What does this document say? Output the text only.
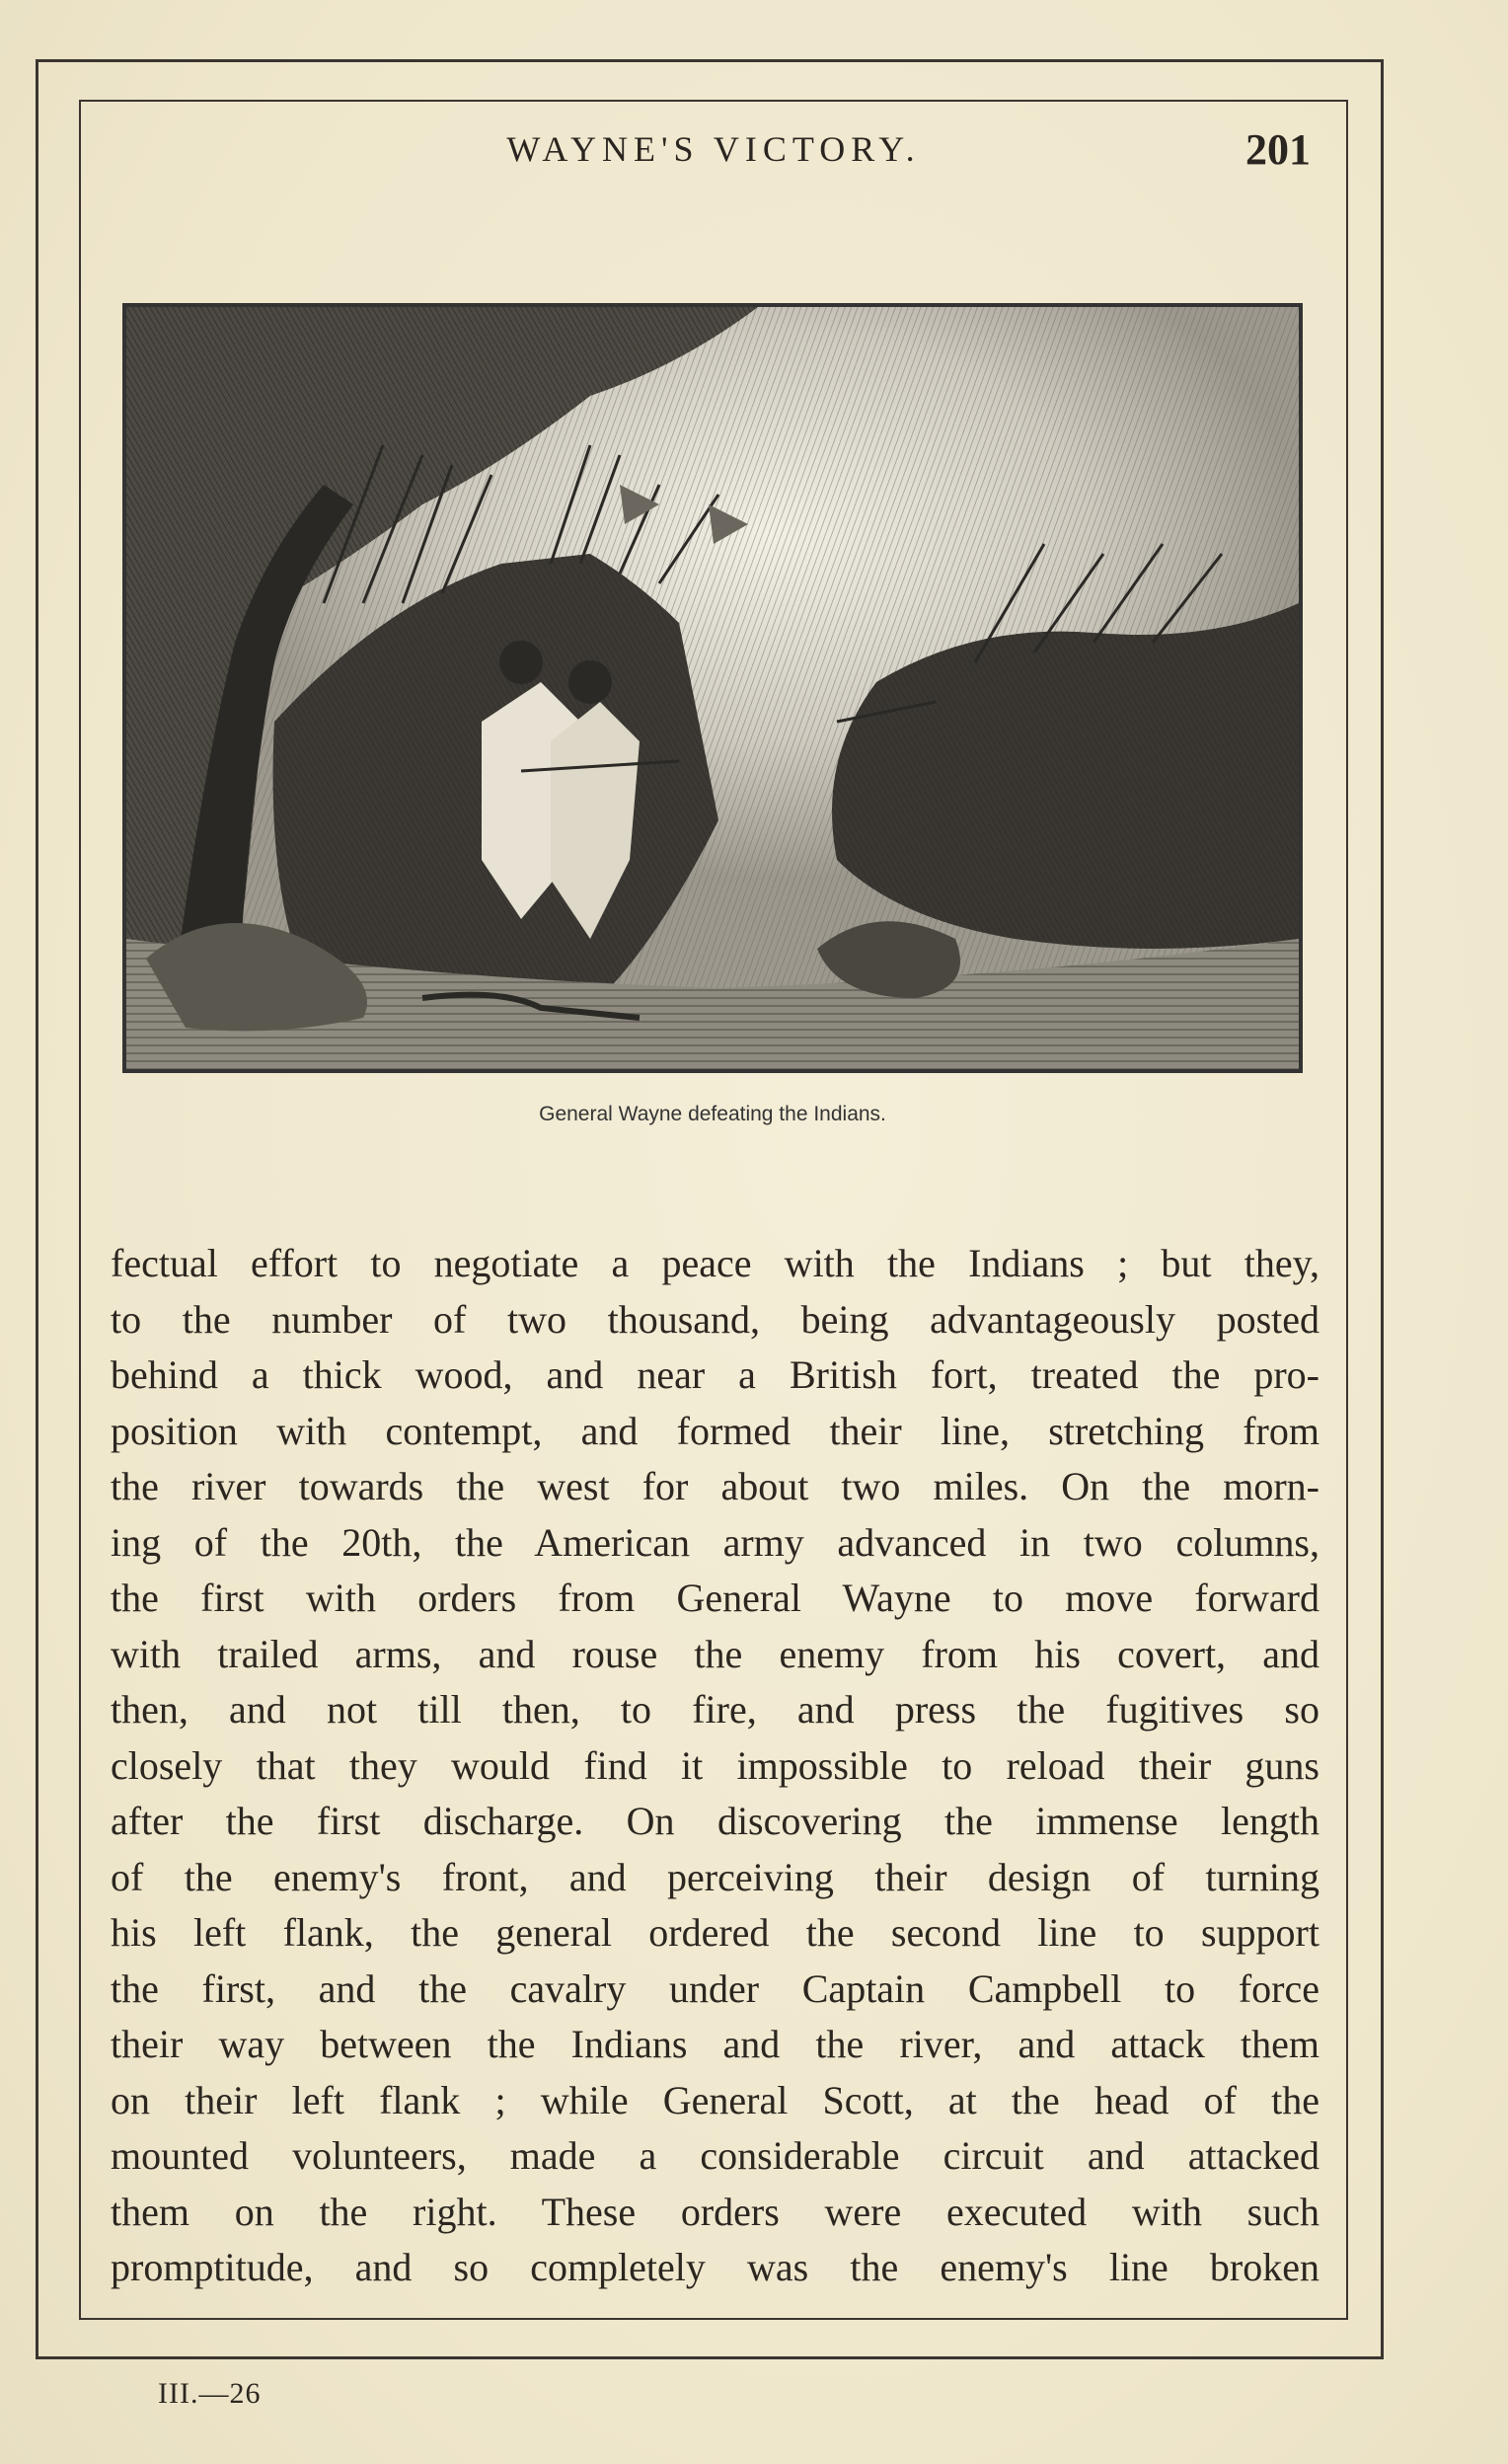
WAYNE'S VICTORY.	201
General Wayne defeating the Indians.
fectual effort to negotiate a peace with the Indians ; but they,
to the number of two thousand, being advantageously posted
behind a thick wood, and near a British fort, treated the pro-
position with contempt, and formed their line, stretching from
the river towards the west for about two miles. On the morn-
ing of the 20th, the American army advanced in two columns,
the first with orders from General Wayne to move forward
with trailed arms, and rouse the enemy from his covert, and
then, and not till then, to fire, and press the fugitives so
closely that they would find it impossible to reload their guns
after the first discharge. On discovering the immense length
of the enemy's front, and perceiving their design of turning
his left flank, the general ordered the second line to support
the first, and the cavalry under Captain Campbell to force
their way between the Indians and the river, and attack them
on their left flank ; while General Scott, at the head of the
mounted volunteers, made a considerable circuit and attacked
them on the right. These orders were executed with such
promptitude, and so completely was the enemy's line broken
III.—26
